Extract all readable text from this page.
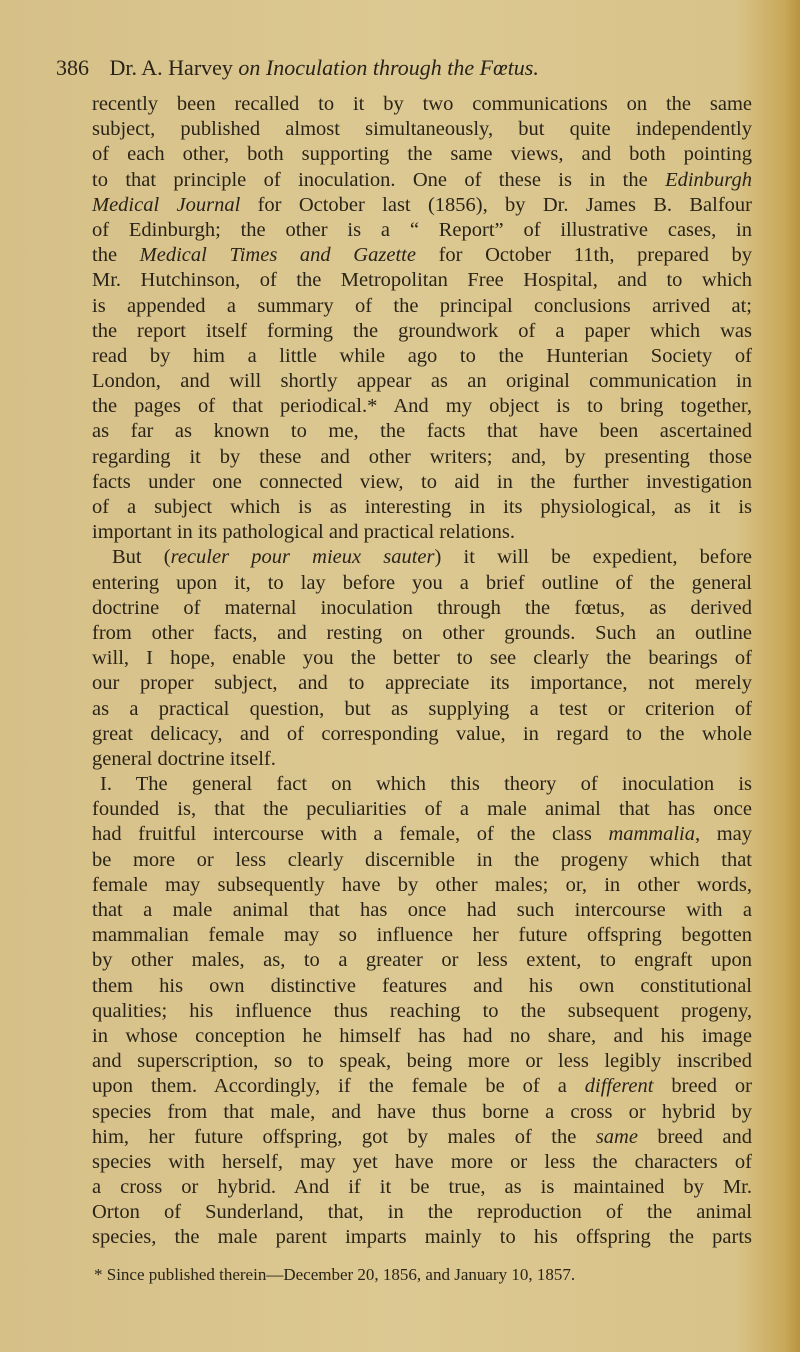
386 Dr. A. Harvey on Inoculation through the Fœtus.
recently been recalled to it by two communications on the same
subject, published almost simultaneously, but quite independently
of each other, both supporting the same views, and both pointing
to that principle of inoculation. One of these is in the Edinburgh
Medical Journal for October last (1856), by Dr. James B. Balfour
of Edinburgh; the other is a “ Report” of illustrative cases, in
the Medical Times and Gazette for October 11th, prepared by
Mr. Hutchinson, of the Metropolitan Free Hospital, and to which
is appended a summary of the principal conclusions arrived at;
the report itself forming the groundwork of a paper which was
read by him a little while ago to the Hunterian Society of
London, and will shortly appear as an original communication in
the pages of that periodical.* And my object is to bring together,
as far as known to me, the facts that have been ascertained
regarding it by these and other writers; and, by presenting those
facts under one connected view, to aid in the further investigation
of a subject which is as interesting in its physiological, as it is
important in its pathological and practical relations.
But (reculer pour mieux sauter) it will be expedient, before
entering upon it, to lay before you a brief outline of the general
doctrine of maternal inoculation through the fœtus, as derived
from other facts, and resting on other grounds. Such an outline
will, I hope, enable you the better to see clearly the bearings of
our proper subject, and to appreciate its importance, not merely
as a practical question, but as supplying a test or criterion of
great delicacy, and of corresponding value, in regard to the whole
general doctrine itself.
I. The general fact on which this theory of inoculation is
founded is, that the peculiarities of a male animal that has once
had fruitful intercourse with a female, of the class mammalia, may
be more or less clearly discernible in the progeny which that
female may subsequently have by other males; or, in other words,
that a male animal that has once had such intercourse with a
mammalian female may so influence her future offspring begotten
by other males, as, to a greater or less extent, to engraft upon
them his own distinctive features and his own constitutional
qualities; his influence thus reaching to the subsequent progeny,
in whose conception he himself has had no share, and his image
and superscription, so to speak, being more or less legibly inscribed
upon them. Accordingly, if the female be of a different breed or
species from that male, and have thus borne a cross or hybrid by
him, her future offspring, got by males of the same breed and
species with herself, may yet have more or less the characters of
a cross or hybrid. And if it be true, as is maintained by Mr.
Orton of Sunderland, that, in the reproduction of the animal
species, the male parent imparts mainly to his offspring the parts
* Since published therein—December 20, 1856, and January 10, 1857.
